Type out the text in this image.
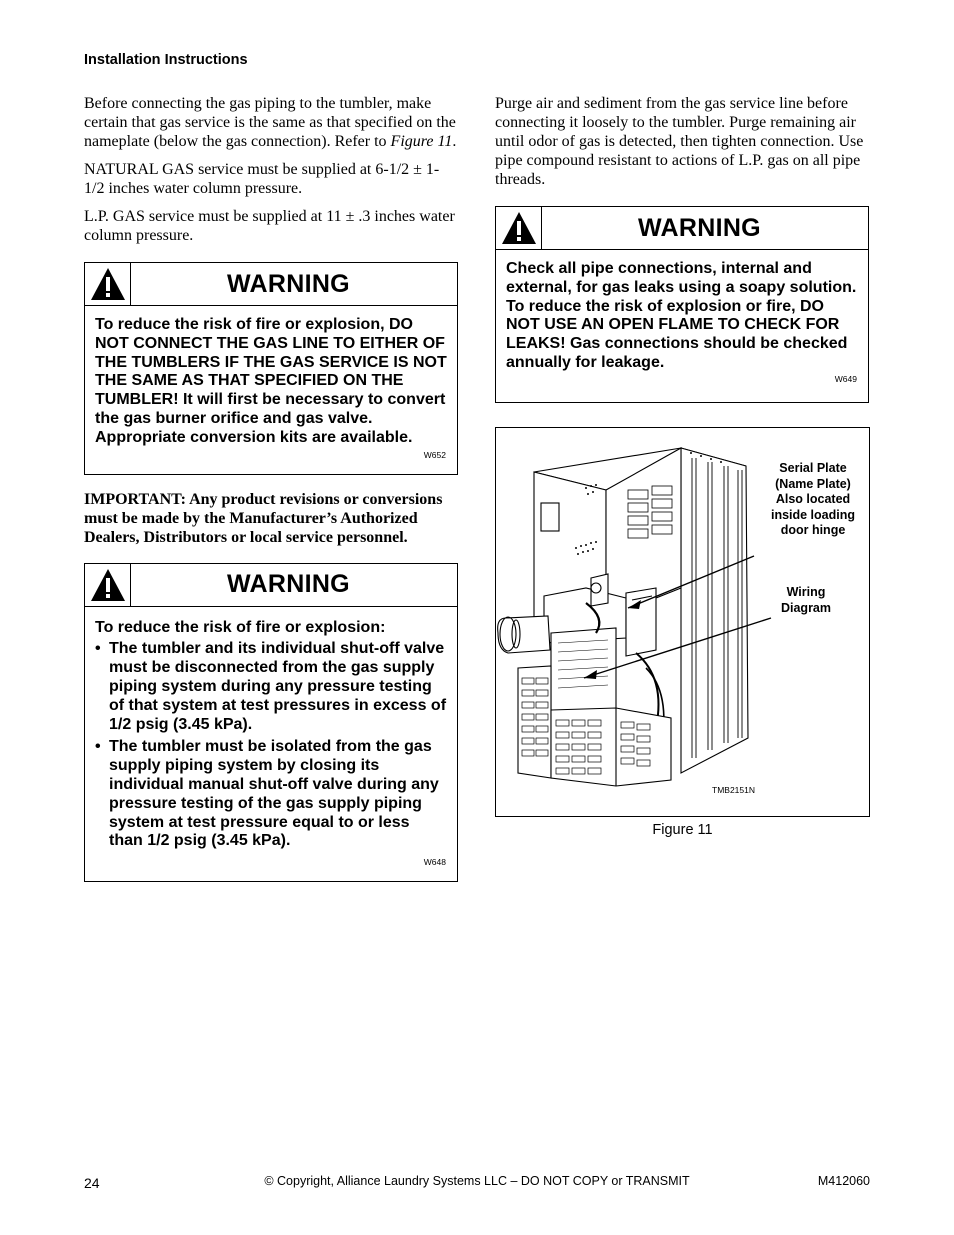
Installation Instructions

Before connecting the gas piping to the tumbler, make certain that gas service is the same as that specified on the nameplate (below the gas connection). Refer to Figure 11.

NATURAL GAS service must be supplied at 6-1/2 ± 1-1/2 inches water column pressure.

L.P. GAS service must be supplied at 11 ± .3 inches water column pressure.

WARNING
To reduce the risk of fire or explosion, DO NOT CONNECT THE GAS LINE TO EITHER OF THE TUMBLERS IF THE GAS SERVICE IS NOT THE SAME AS THAT SPECIFIED ON THE TUMBLER! It will first be necessary to convert the gas burner orifice and gas valve. Appropriate conversion kits are available.
W652

IMPORTANT: Any product revisions or conversions must be made by the Manufacturer’s Authorized Dealers, Distributors or local service personnel.

WARNING
To reduce the risk of fire or explosion:
• The tumbler and its individual shut-off valve must be disconnected from the gas supply piping system during any pressure testing of that system at test pressures in excess of 1/2 psig (3.45 kPa).
• The tumbler must be isolated from the gas supply piping system by closing its individual manual shut-off valve during any pressure testing of the gas supply piping system at test pressure equal to or less than 1/2 psig (3.45 kPa).
W648

Purge air and sediment from the gas service line before connecting it loosely to the tumbler. Purge remaining air until odor of gas is detected, then tighten connection. Use pipe compound resistant to actions of L.P. gas on all pipe threads.

WARNING
Check all pipe connections, internal and external, for gas leaks using a soapy solution. To reduce the risk of explosion or fire, DO NOT USE AN OPEN FLAME TO CHECK FOR LEAKS! Gas connections should be checked annually for leakage.
W649
Serial Plate
(Name Plate)
Also located
inside loading
door hinge
Wiring
Diagram
TMB2151N
Figure 11
24	© Copyright, Alliance Laundry Systems LLC – DO NOT COPY or TRANSMIT	M412060
